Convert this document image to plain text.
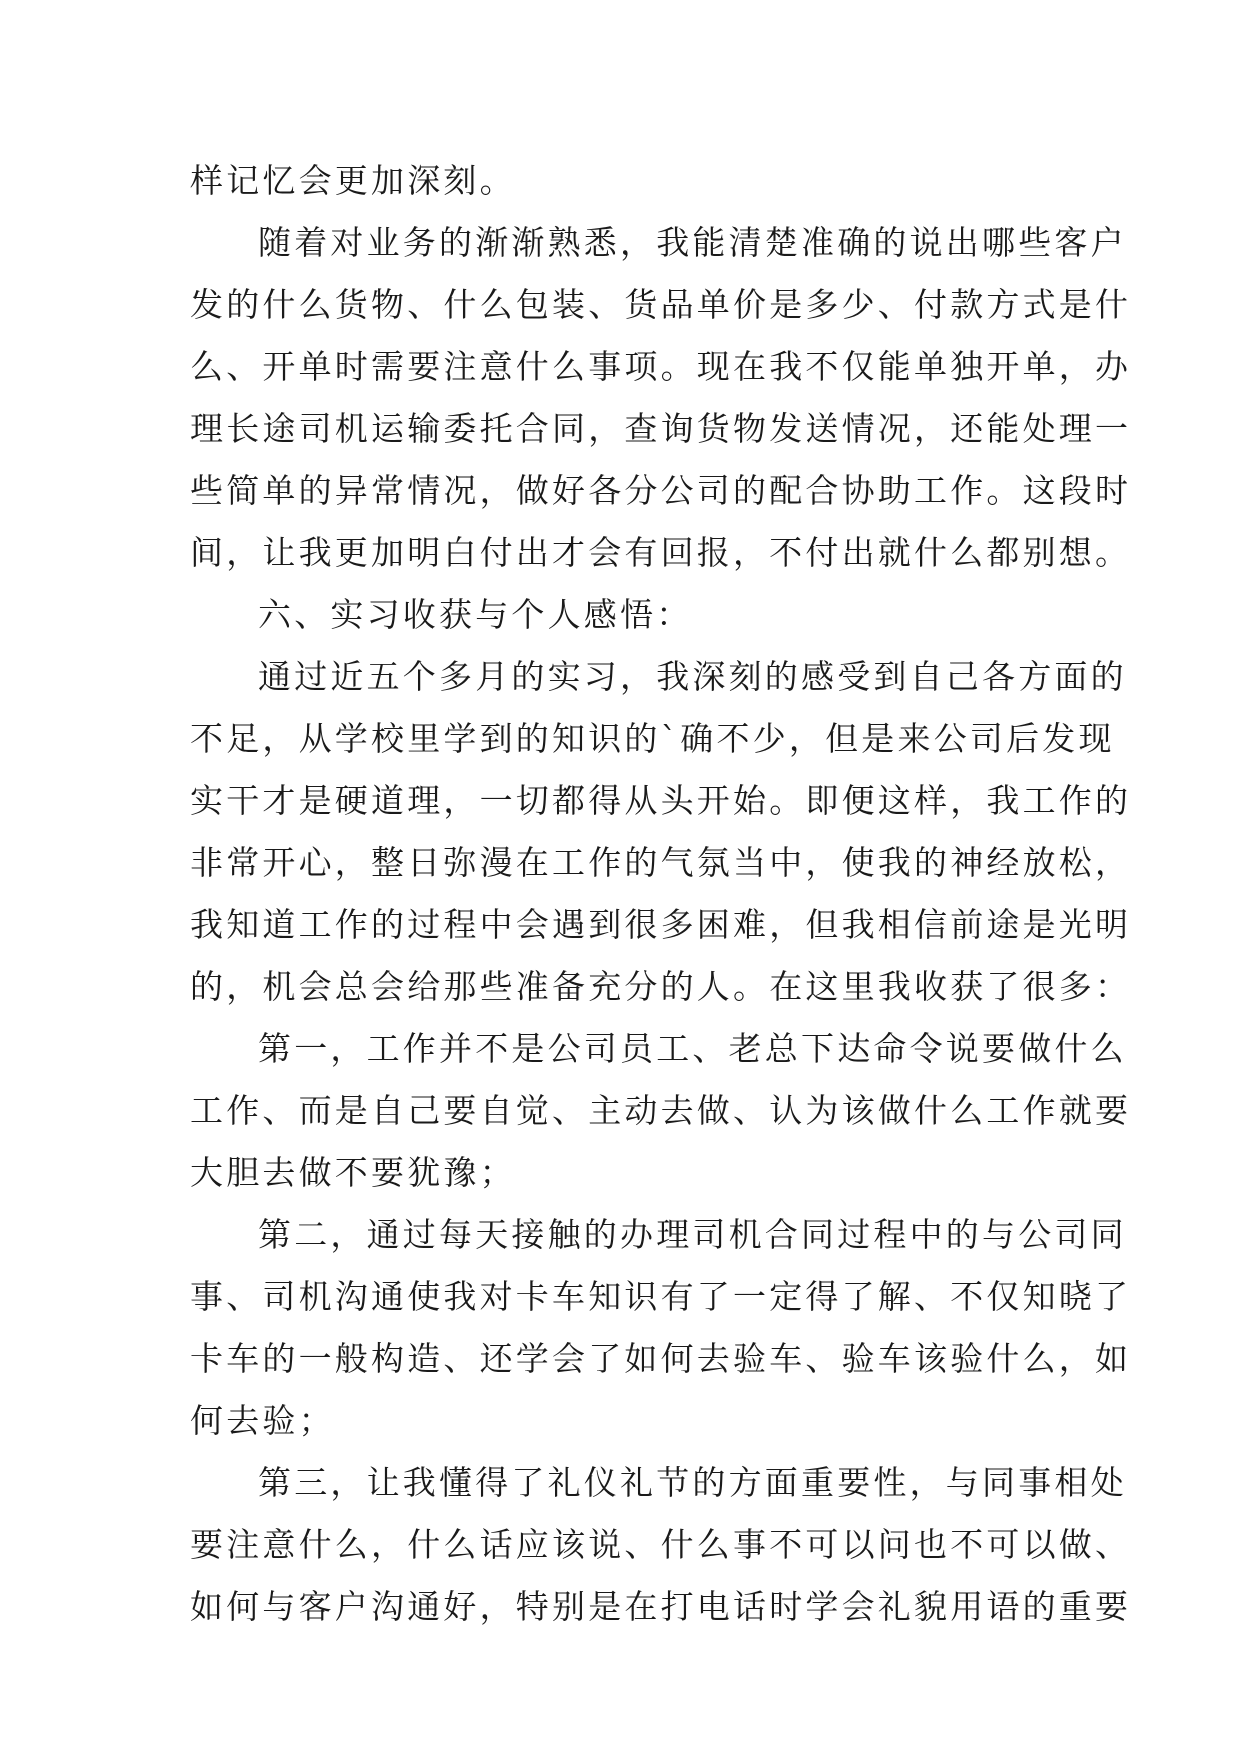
样记忆会更加深刻。
随着对业务的渐渐熟悉，我能清楚准确的说出哪些客户
发的什么货物、什么包装、货品单价是多少、付款方式是什
么、开单时需要注意什么事项。现在我不仅能单独开单，办
理长途司机运输委托合同，查询货物发送情况，还能处理一
些简单的异常情况，做好各分公司的配合协助工作。这段时
间，让我更加明白付出才会有回报，不付出就什么都别想。
六、实习收获与个人感悟：
通过近五个多月的实习，我深刻的感受到自己各方面的
不足，从学校里学到的知识的`确不少，但是来公司后发现
实干才是硬道理，一切都得从头开始。即便这样，我工作的
非常开心，整日弥漫在工作的气氛当中，使我的神经放松，
我知道工作的过程中会遇到很多困难，但我相信前途是光明
的，机会总会给那些准备充分的人。在这里我收获了很多：
第一，工作并不是公司员工、老总下达命令说要做什么
工作、而是自己要自觉、主动去做、认为该做什么工作就要
大胆去做不要犹豫；
第二，通过每天接触的办理司机合同过程中的与公司同
事、司机沟通使我对卡车知识有了一定得了解、不仅知晓了
卡车的一般构造、还学会了如何去验车、验车该验什么，如
何去验；
第三，让我懂得了礼仪礼节的方面重要性，与同事相处
要注意什么，什么话应该说、什么事不可以问也不可以做、
如何与客户沟通好，特别是在打电话时学会礼貌用语的重要
